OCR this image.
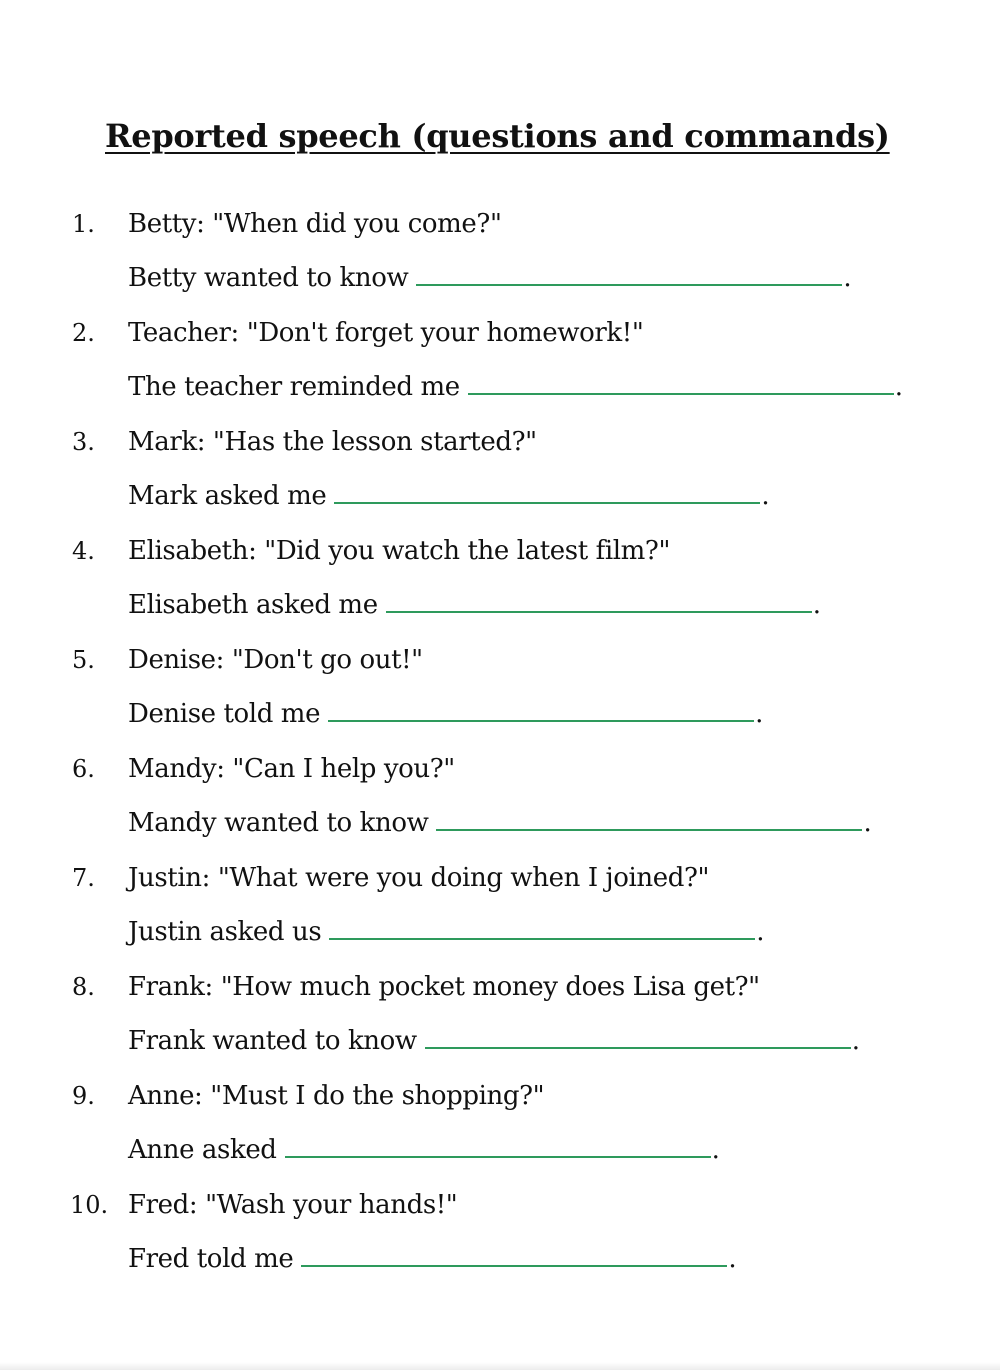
Reported speech (questions and commands)
1. Betty: "When did you come?"
Betty wanted to know	.
2. Teacher: "Don't forget your homework!"
The teacher reminded me	.
3. Mark: "Has the lesson started?"
Mark asked me	.
4. Elisabeth: "Did you watch the latest film?"
Elisabeth asked me	.
5. Denise: "Don't go out!"
Denise told me	.
6. Mandy: "Can I help you?"
Mandy wanted to know	.
7. Justin: "What were you doing when I joined?"
Justin asked us	.
8. Frank: "How much pocket money does Lisa get?"
Frank wanted to know	.
9. Anne: "Must I do the shopping?"
Anne asked	.
10. Fred: "Wash your hands!"
Fred told me	.
